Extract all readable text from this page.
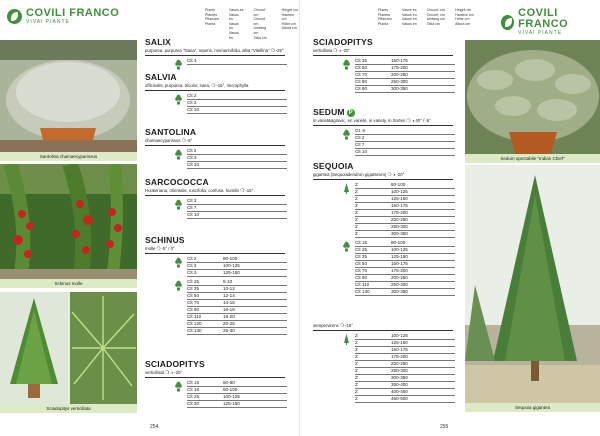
COVILI FRANCO
VIVAI PIANTE
Plants
Plantes
Pflanzen
Planta
Vasos es
Vasos en
Vasos en
Vasos en
Circonf. cm
Circonf. cm
Umfang cm
Talla cm
Height cm
Hauteur cm
Höhe cm
Altura cm
Santolina chamaecyparissus
Schinus molle
Sciadopitys verticillata
SALIX
purpurea, purpurea "Nana", repens, rosmarinifolia, alba "Vitellina" ❍ -25°
Clt 3
SALVIA
officinalis, purpurea, tricolor, lutea, ❍ -15°, microphylla
Clt 2
Clt 3
Clt 10
SANTOLINA
chamaecyparissus ❍ -5°
Clt 2
Clt 3
Clt 10
SARCOCOCCA
Hookeriana, orientalis, ruscifolia, confusa, humilis ❍ -15°
Clt 3
Clt 7
Clt 10
SCHINUS
molle ❍ -5° / 0°
Clt 2	80-100
Clt 3	100-125
Clt 3	125-150
Clt 25	8-10
Clt 35	10-12
Clt 50	12-14
Clt 70	14-16
Clt 90	16-18
Clt 110	18-20
Clt 120	20-25
Clt 130	25-30
SCIADOPITYS
verticillata ❍ ◑ -20°
Clt 15	60-80
Clt 18	80-100
Clt 25	100-125
Clt 30	125-150
254
Plants
Plantes
Pflanzen
Planta
Vasos es
Vasos en
Vasos en
Vasos en
Circonf. cm
Circonf. cm
Umfang cm
Talla cm
Height cm
Hauteur cm
Höhe cm
Altura cm
COVILI FRANCO
VIVAI PIANTE
Sedum spectabile "Indian Chief"
Sequoia gigantea
SCIADOPITYS
verticillata ❍ ◑ -20°
Clt 35	150-175
Clt 50	175-200
Clt 70	200-250
Clt 90	250-300
Clt 90	300-350
SEDUM P
in variet&agrave;, en varieté, in variety, in Sorten ❍ ◑ 40° / -5°
Gt. 9
Clt 2
Clt 7
Clt 10
SEQUOIA
gigantea (Sequoiadendron giganteum) ❍ ◑ -20°
Z	80-100
Z	100-125
Z	125-150
Z	150-175
Z	175-200
Z	200-250
Z	250-300
Z	300-350
Clt 15	80-100
Clt 25	100-125
Clt 35	125-150
Clt 50	150-175
Clt 70	175-200
Clt 90	200-250
Clt 110	250-300
Clt 130	300-350
sempervirens ❍ -15°
Z	100-125
Z	125-150
Z	150-175
Z	175-200
Z	200-250
Z	250-300
Z	300-350
Z	350-400
Z	400-450
Z	450-500
255
